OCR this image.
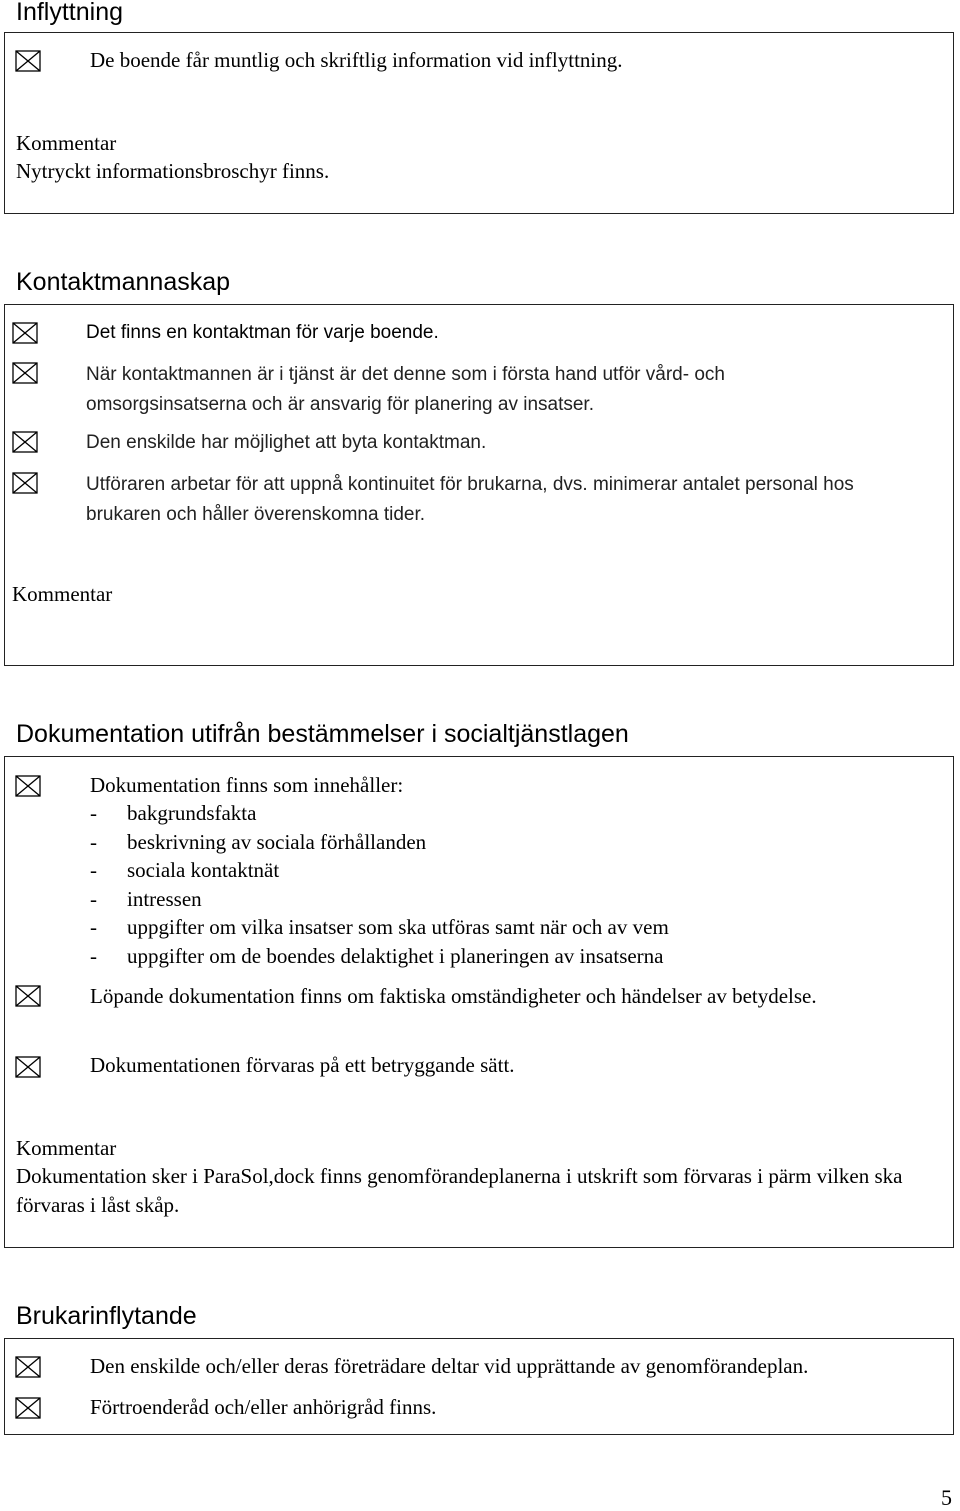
Inflyttning
De boende får muntlig och skriftlig information vid inflyttning.
Kommentar
Nytryckt informationsbroschyr finns.
Kontaktmannaskap
Det finns en kontaktman för varje boende.
När kontaktmannen är i tjänst är det denne som i första hand utför vård- och omsorgsinsatserna och är ansvarig för planering av insatser.
Den enskilde har möjlighet att byta kontaktman.
Utföraren arbetar för att uppnå kontinuitet för brukarna, dvs. minimerar antalet personal hos brukaren och håller överenskomna tider.
Kommentar
Dokumentation utifrån bestämmelser i socialtjänstlagen
Dokumentation finns som innehåller:
-	bakgrundsfakta
-	beskrivning av sociala förhållanden
-	sociala kontaktnät
-	intressen
-	uppgifter om vilka insatser som ska utföras samt när och av vem
-	uppgifter om de boendes delaktighet i planeringen av insatserna
Löpande dokumentation finns om faktiska omständigheter och händelser av betydelse.
Dokumentationen förvaras på ett betryggande sätt.
Kommentar
Dokumentation sker i ParaSol,dock finns genomförandeplanerna i utskrift som förvaras i pärm vilken ska förvaras i låst skåp.
Brukarinflytande
Den enskilde och/eller deras företrädare deltar vid upprättande av genomförandeplan.
Förtroenderåd och/eller anhörigråd finns.
5
